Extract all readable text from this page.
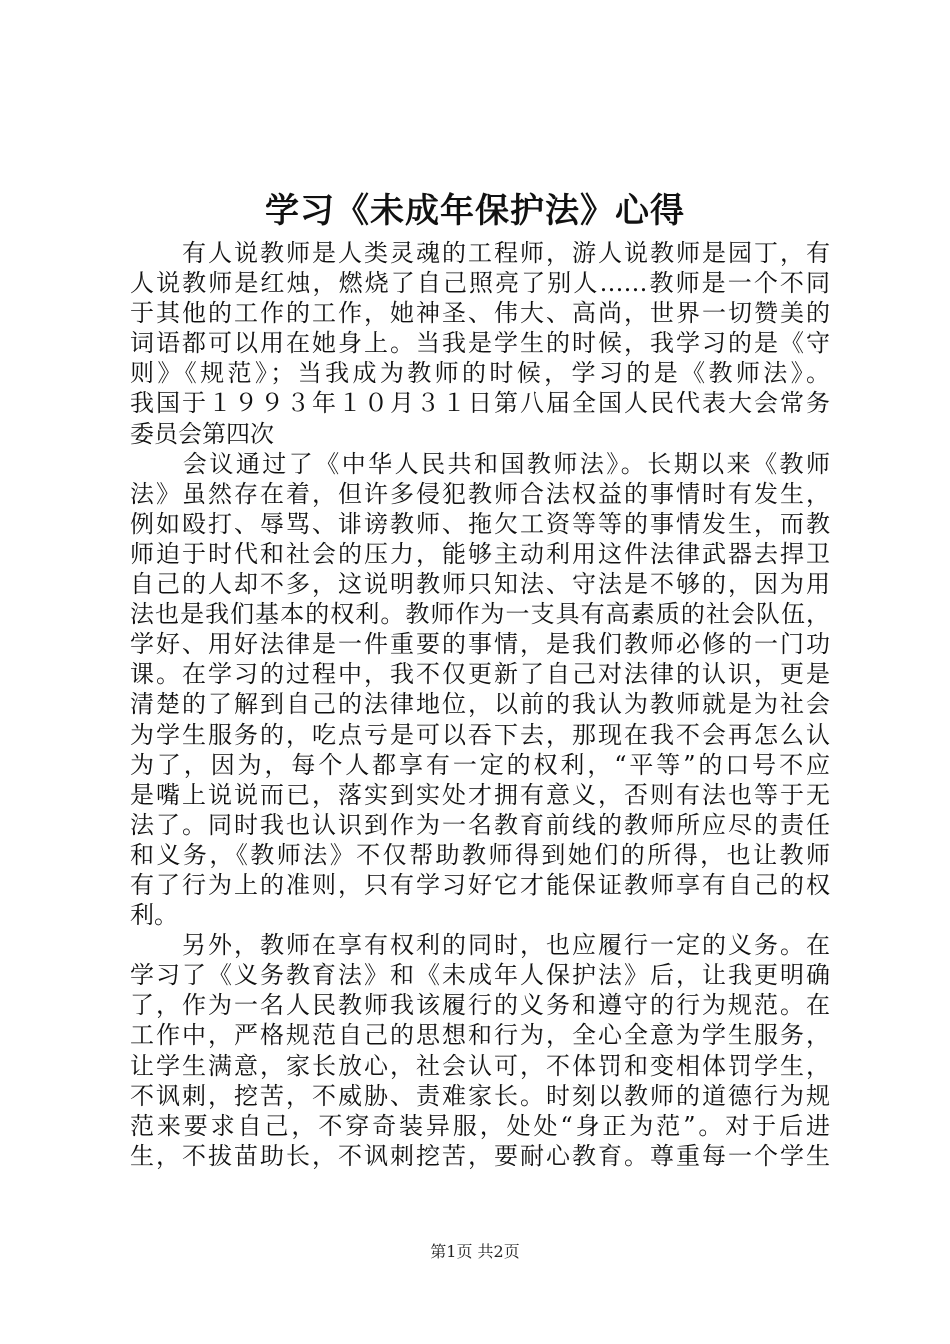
学习《未成年保护法》心得
　　有人说教师是人类灵魂的工程师，游人说教师是园丁，有
人说教师是红烛，燃烧了自己照亮了别人……教师是一个不同
于其他的工作的工作，她神圣、伟大、高尚，世界一切赞美的
词语都可以用在她身上。当我是学生的时候，我学习的是《守
则》《规范》；当我成为教师的时候，学习的是《教师法》。
我国于１９９３年１０月３１日第八届全国人民代表大会常务
委员会第四次
　　会议通过了《中华人民共和国教师法》。长期以来《教师
法》虽然存在着，但许多侵犯教师合法权益的事情时有发生，
例如殴打、辱骂、诽谤教师、拖欠工资等等的事情发生，而教
师迫于时代和社会的压力，能够主动利用这件法律武器去捍卫
自己的人却不多，这说明教师只知法、守法是不够的，因为用
法也是我们基本的权利。教师作为一支具有高素质的社会队伍，
学好、用好法律是一件重要的事情，是我们教师必修的一门功
课。在学习的过程中，我不仅更新了自己对法律的认识，更是
清楚的了解到自己的法律地位，以前的我认为教师就是为社会
为学生服务的，吃点亏是可以吞下去，那现在我不会再怎么认
为了，因为，每个人都享有一定的权利，“平等”的口号不应
是嘴上说说而已，落实到实处才拥有意义，否则有法也等于无
法了。同时我也认识到作为一名教育前线的教师所应尽的责任
和义务，《教师法》不仅帮助教师得到她们的所得，也让教师
有了行为上的准则，只有学习好它才能保证教师享有自己的权
利。
　　另外，教师在享有权利的同时，也应履行一定的义务。在
学习了《义务教育法》和《未成年人保护法》后，让我更明确
了，作为一名人民教师我该履行的义务和遵守的行为规范。在
工作中，严格规范自己的思想和行为，全心全意为学生服务，
让学生满意，家长放心，社会认可，不体罚和变相体罚学生，
不讽刺，挖苦，不威胁、责难家长。时刻以教师的道德行为规
范来要求自己，不穿奇装异服，处处“身正为范”。对于后进
生，不拔苗助长，不讽刺挖苦，要耐心教育。尊重每一个学生
第1页 共2页
